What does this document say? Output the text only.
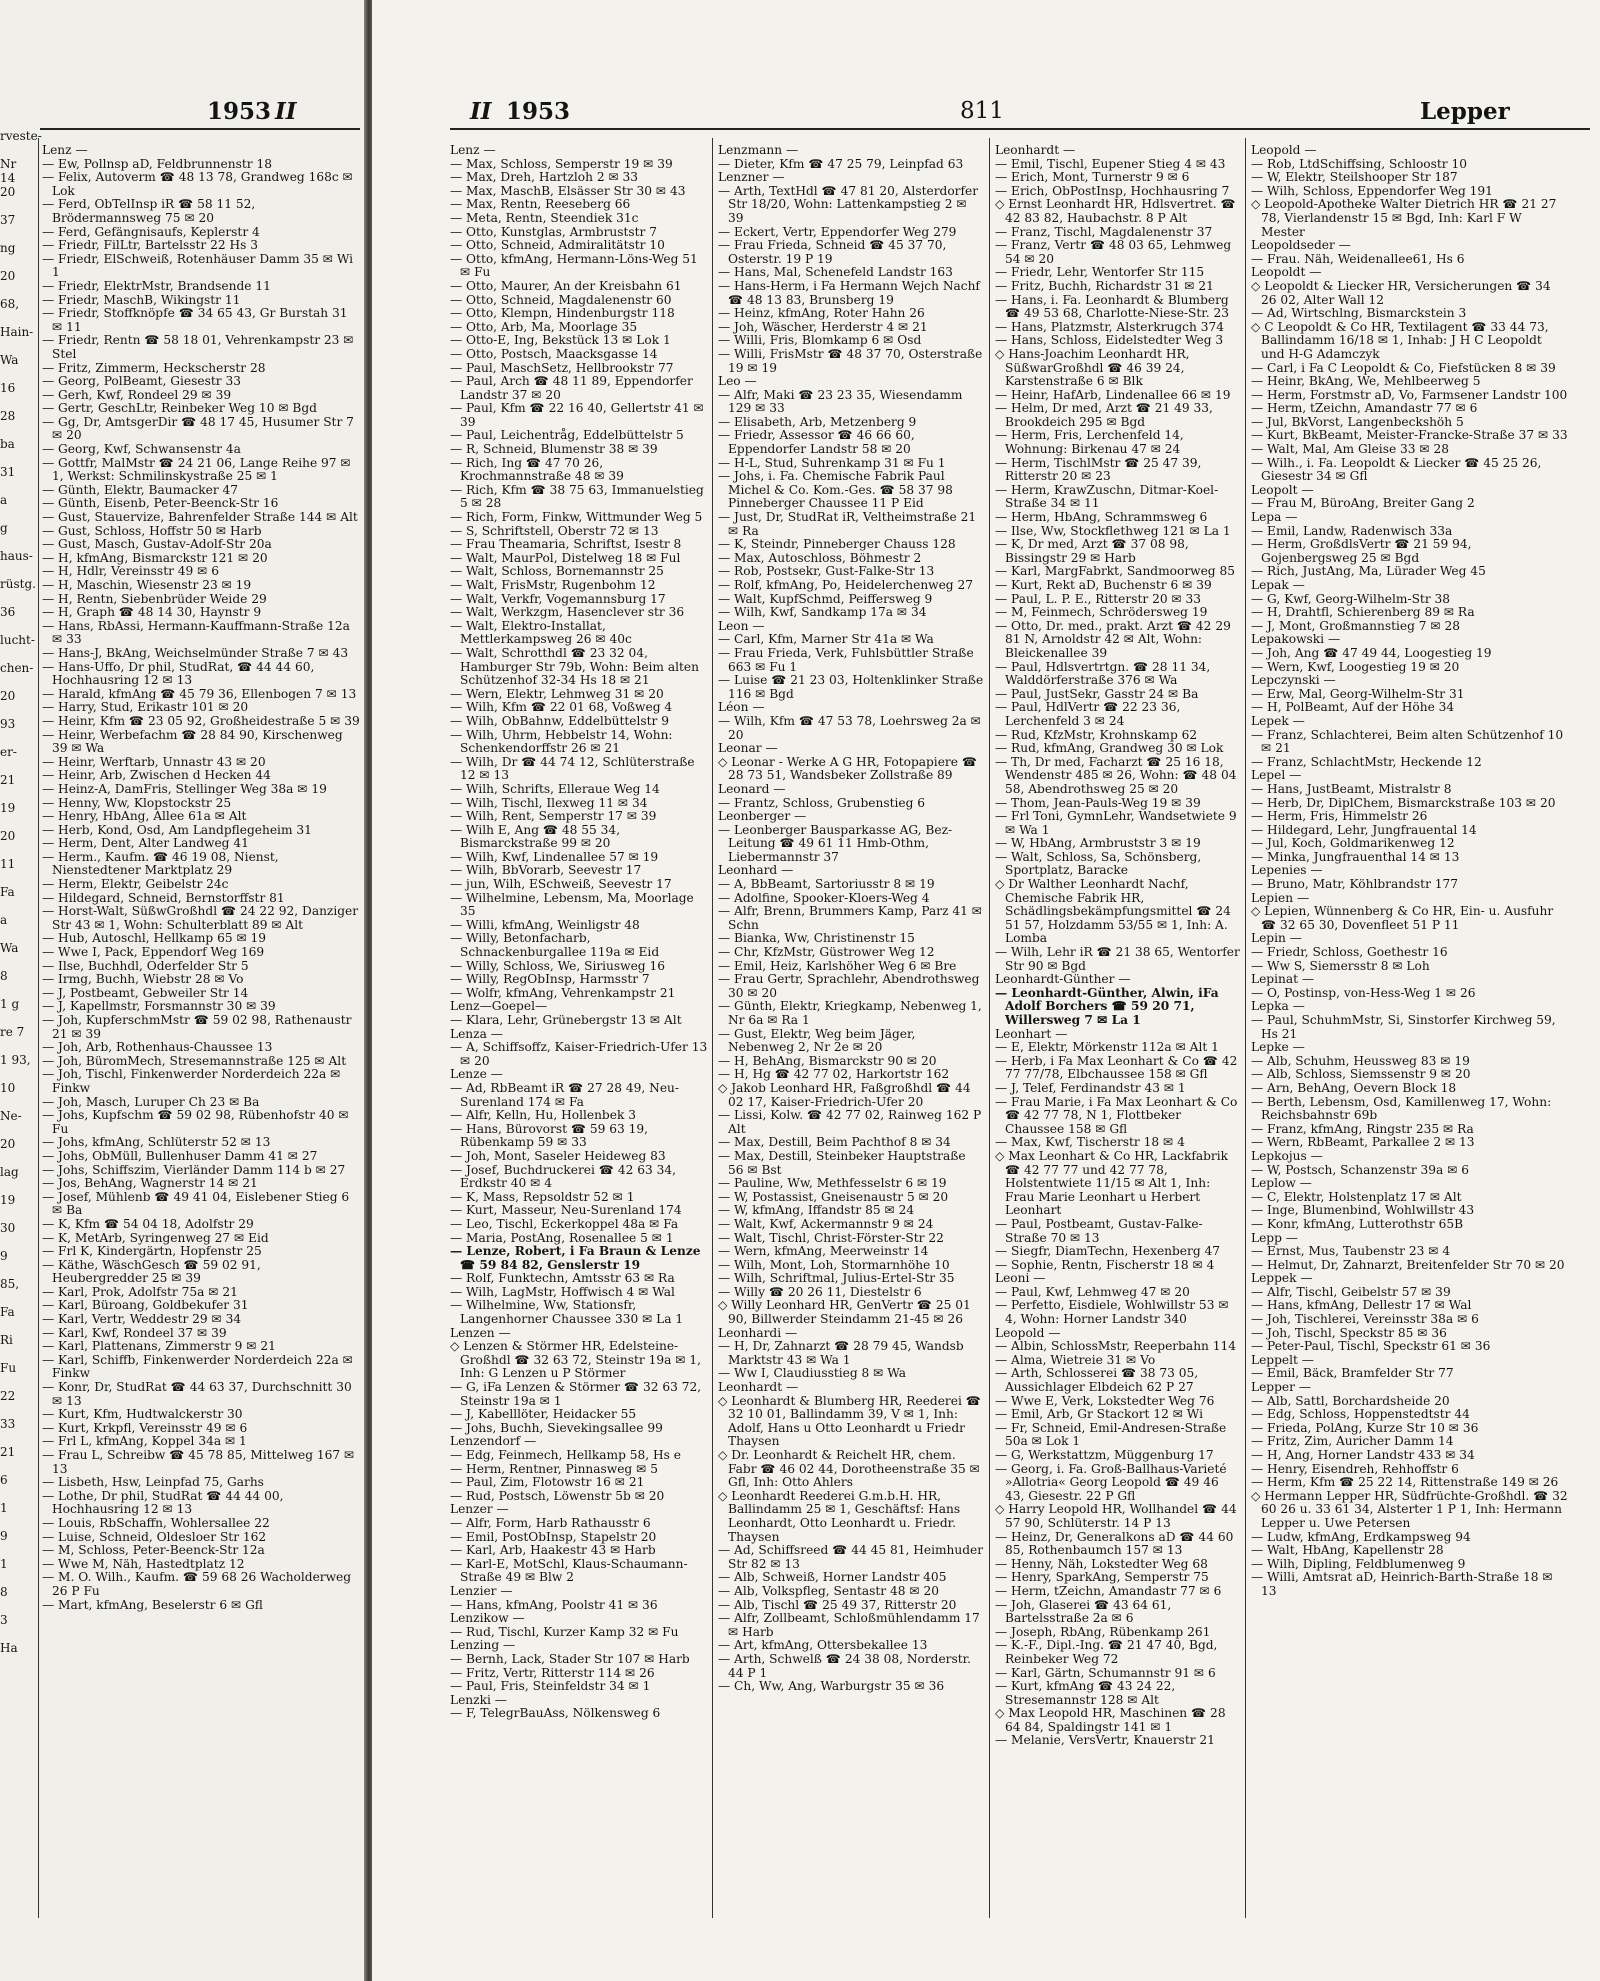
rveste-
Nr 14
20
37
ng
20
68,
Hain-
Wa
16
28
ba
31
a
g
haus-
rüstg.
36
lucht-
chen-
20
93
er-
21
19
20
11
Fa
a
Wa
8
1 g
re 7
1 93,
10
Ne-
20
lag
19
30
9
85,
Fa
Ri
Fu
22
33
21
6
1
9
1
8
3
Ha
1953 II
Lenz —
— Ew, Pollnsp aD, Feldbrunnenstr 18
— Felix, Autoverm ☎ 48 13 78, Grandweg 168c ✉ Lok
— Ferd, ObTelInsp iR ☎ 58 11 52, Brödermannsweg 75 ✉ 20
— Ferd, Gefängnisaufs, Keplerstr 4
— Friedr, FilLtr, Bartelsstr 22 Hs 3
— Friedr, ElSchweiß, Rotenhäuser Damm 35 ✉ Wi 1
— Friedr, ElektrMstr, Brandsende 11
— Friedr, MaschB, Wikingstr 11
— Friedr, Stoffknöpfe ☎ 34 65 43, Gr Burstah 31 ✉ 11
— Friedr, Rentn ☎ 58 18 01, Vehrenkampstr 23 ✉ Stel
— Fritz, Zimmerm, Heckscherstr 28
— Georg, PolBeamt, Giesestr 33
— Gerh, Kwf, Rondeel 29 ✉ 39
— Gertr, GeschLtr, Reinbeker Weg 10 ✉ Bgd
— Gg, Dr, AmtsgerDir ☎ 48 17 45, Husumer Str 7 ✉ 20
— Georg, Kwf, Schwansenstr 4a
— Gottfr, MalMstr ☎ 24 21 06, Lange Reihe 97 ✉ 1, Werkst: Schmilinskystraße 25 ✉ 1
— Günth, Elektr, Baumacker 47
— Günth, Eisenb, Peter-Beenck-Str 16
— Gust, Stauervize, Bahrenfelder Straße 144 ✉ Alt
— Gust, Schloss, Hoffstr 50 ✉ Harb
— Gust, Masch, Gustav-Adolf-Str 20a
— H, kfmAng, Bismarckstr 121 ✉ 20
— H, Hdlr, Vereinsstr 49 ✉ 6
— H, Maschin, Wiesenstr 23 ✉ 19
— H, Rentn, Siebenbrüder Weide 29
— H, Graph ☎ 48 14 30, Haynstr 9
— Hans, RbAssi, Hermann-Kauffmann-Straße 12a ✉ 33
— Hans-J, BkAng, Weichselmünder Straße 7 ✉ 43
— Hans-Uffo, Dr phil, StudRat, ☎ 44 44 60, Hochhausring 12 ✉ 13
— Harald, kfmAng ☎ 45 79 36, Ellenbogen 7 ✉ 13
— Harry, Stud, Erikastr 101 ✉ 20
— Heinr, Kfm ☎ 23 05 92, Großheidestraße 5 ✉ 39
— Heinr, Werbefachm ☎ 28 84 90, Kirschenweg 39 ✉ Wa
— Heinr, Werftarb, Unnastr 43 ✉ 20
— Heinr, Arb, Zwischen d Hecken 44
— Heinz-A, DamFris, Stellinger Weg 38a ✉ 19
— Henny, Ww, Klopstockstr 25
— Henry, HbAng, Allee 61a ✉ Alt
— Herb, Kond, Osd, Am Landpflegeheim 31
— Herm, Dent, Alter Landweg 41
— Herm., Kaufm. ☎ 46 19 08, Nienst, Nienstedtener Marktplatz 29
— Herm, Elektr, Geibelstr 24c
— Hildegard, Schneid, Bernstorffstr 81
— Horst-Walt, SüßwGroßhdl ☎ 24 22 92, Danziger Str 43 ✉ 1, Wohn: Schulterblatt 89 ✉ Alt
— Hub, Autoschl, Hellkamp 65 ✉ 19
— Wwe I, Pack, Eppendorf Weg 169
— Ilse, Buchhdl, Oderfelder Str 5
— Irmg, Buchh, Wiebstr 28 ✉ Vo
— J, Postbeamt, Gebweiler Str 14
— J, Kapellmstr, Forsmannstr 30 ✉ 39
— Joh, KupferschmMstr ☎ 59 02 98, Rathenaustr 21 ✉ 39
— Joh, Arb, Rothenhaus-Chaussee 13
— Joh, BüromMech, Stresemannstraße 125 ✉ Alt
— Joh, Tischl, Finkenwerder Norderdeich 22a ✉ Finkw
— Joh, Masch, Luruper Ch 23 ✉ Ba
— Johs, Kupfschm ☎ 59 02 98, Rübenhofstr 40 ✉ Fu
— Johs, kfmAng, Schlüterstr 52 ✉ 13
— Johs, ObMüll, Bullenhuser Damm 41 ✉ 27
— Johs, Schiffszim, Vierländer Damm 114 b ✉ 27
— Jos, BehAng, Wagnerstr 14 ✉ 21
— Josef, Mühlenb ☎ 49 41 04, Eislebener Stieg 6 ✉ Ba
— K, Kfm ☎ 54 04 18, Adolfstr 29
— K, MetArb, Syringenweg 27 ✉ Eid
— Frl K, Kindergärtn, Hopfenstr 25
— Käthe, WäschGesch ☎ 59 02 91, Heubergredder 25 ✉ 39
— Karl, Prok, Adolfstr 75a ✉ 21
— Karl, Büroang, Goldbekufer 31
— Karl, Vertr, Weddestr 29 ✉ 34
— Karl, Kwf, Rondeel 37 ✉ 39
— Karl, Plattenans, Zimmerstr 9 ✉ 21
— Karl, Schiffb, Finkenwerder Norderdeich 22a ✉ Finkw
— Konr, Dr, StudRat ☎ 44 63 37, Durchschnitt 30 ✉ 13
— Kurt, Kfm, Hudtwalckerstr 30
— Kurt, Krkpfl, Vereinsstr 49 ✉ 6
— Frl L, kfmAng, Koppel 34a ✉ 1
— Frau L, Schreibw ☎ 45 78 85, Mittelweg 167 ✉ 13
— Lisbeth, Hsw, Leinpfad 75, Garhs
— Lothe, Dr phil, StudRat ☎ 44 44 00, Hochhausring 12 ✉ 13
— Louis, RbSchaffn, Wohlersallee 22
— Luise, Schneid, Oldesloer Str 162
— M, Schloss, Peter-Beenck-Str 12a
— Wwe M, Näh, Hastedtplatz 12
— M. O. Wilh., Kaufm. ☎ 59 68 26 Wacholderweg 26 P Fu
— Mart, kfmAng, Beselerstr 6 ✉ Gfl
II 1953	811	Lepper
Lenz —
— Max, Schloss, Semperstr 19 ✉ 39
— Max, Dreh, Hartzloh 2 ✉ 33
— Max, MaschB, Elsässer Str 30 ✉ 43
— Max, Rentn, Reeseberg 66
— Meta, Rentn, Steendiek 31c
— Otto, Kunstglas, Armbruststr 7
— Otto, Schneid, Admiralitätstr 10
— Otto, kfmAng, Hermann-Löns-Weg 51 ✉ Fu
— Otto, Maurer, An der Kreisbahn 61
— Otto, Schneid, Magdalenenstr 60
— Otto, Klempn, Hindenburgstr 118
— Otto, Arb, Ma, Moorlage 35
— Otto-E, Ing, Bekstück 13 ✉ Lok 1
— Otto, Postsch, Maacksgasse 14
— Paul, MaschSetz, Hellbrookstr 77
— Paul, Arch ☎ 48 11 89, Eppendorfer Landstr 37 ✉ 20
— Paul, Kfm ☎ 22 16 40, Gellertstr 41 ✉ 39
— Paul, Leichentråg, Eddelbüttelstr 5
— R, Schneid, Blumenstr 38 ✉ 39
— Rich, Ing ☎ 47 70 26, Krochmannstraße 48 ✉ 39
— Rich, Kfm ☎ 38 75 63, Immanuelstieg 5 ✉ 28
— Rich, Form, Finkw, Wittmunder Weg 5
— S, Schriftstell, Oberstr 72 ✉ 13
— Frau Theamaria, Schriftst, Isestr 8
— Walt, MaurPol, Distelweg 18 ✉ Ful
— Walt, Schloss, Bornemannstr 25
— Walt, FrisMstr, Rugenbohm 12
— Walt, Verkfr, Vogemannsburg 17
— Walt, Werkzgm, Hasenclever str 36
— Walt, Elektro-Installat, Mettlerkampsweg 26 ✉ 40c
— Walt, Schrotthdl ☎ 23 32 04, Hamburger Str 79b, Wohn: Beim alten Schützenhof 32-34 Hs 18 ✉ 21
— Wern, Elektr, Lehmweg 31 ✉ 20
— Wilh, Kfm ☎ 22 01 68, Voßweg 4
— Wilh, ObBahnw, Eddelbüttelstr 9
— Wilh, Uhrm, Hebbelstr 14, Wohn: Schenkendorffstr 26 ✉ 21
— Wilh, Dr ☎ 44 74 12, Schlüterstraße 12 ✉ 13
— Wilh, Schrifts, Elleraue Weg 14
— Wilh, Tischl, Ilexweg 11 ✉ 34
— Wilh, Rent, Semperstr 17 ✉ 39
— Wilh E, Ang ☎ 48 55 34, Bismarckstraße 99 ✉ 20
— Wilh, Kwf, Lindenallee 57 ✉ 19
— Wilh, BbVorarb, Seevestr 17
— jun, Wilh, ESchweiß, Seevestr 17
— Wilhelmine, Lebensm, Ma, Moorlage 35
— Willi, kfmAng, Weinligstr 48
— Willy, Betonfacharb, Schnackenburgallee 119a ✉ Eid
— Willy, Schloss, We, Siriusweg 16
— Willy, RegObInsp, Harmsstr 7
— Wolfr, kfmAng, Vehrenkampstr 21
Lenz—Goepel—
— Klara, Lehr, Grünebergstr 13 ✉ Alt
Lenza —
— A, Schiffsoffz, Kaiser-Friedrich-Ufer 13 ✉ 20
Lenze —
— Ad, RbBeamt iR ☎ 27 28 49, Neu-Surenland 174 ✉ Fa
— Alfr, Kelln, Hu, Hollenbek 3
— Hans, Bürovorst ☎ 59 63 19, Rübenkamp 59 ✉ 33
— Joh, Mont, Saseler Heideweg 83
— Josef, Buchdruckerei ☎ 42 63 34, Erdkstr 40 ✉ 4
— K, Mass, Repsoldstr 52 ✉ 1
— Kurt, Masseur, Neu-Surenland 174
— Leo, Tischl, Eckerkoppel 48a ✉ Fa
— Maria, PostAng, Rosenallee 5 ✉ 1
— Lenze, Robert, i Fa Braun & Lenze ☎ 59 84 82, Genslerstr 19
— Rolf, Funktechn, Amtsstr 63 ✉ Ra
— Wilh, LagMstr, Hoffwisch 4 ✉ Wal
— Wilhelmine, Ww, Stationsfr, Langenhorner Chaussee 330 ✉ La 1
Lenzen —
◇ Lenzen & Störmer HR, Edelsteine-Großhdl ☎ 32 63 72, Steinstr 19a ✉ 1, Inh: G Lenzen u P Störmer
— G, iFa Lenzen & Störmer ☎ 32 63 72, Steinstr 19a ✉ 1
— J, Kabelllöter, Heidacker 55
— Johs, Buchh, Sievekingsallee 99
Lenzendorf —
— Edg, Feinmech, Hellkamp 58, Hs e
— Herm, Rentner, Pinnasweg ✉ 5
— Paul, Zim, Flotowstr 16 ✉ 21
— Rud, Postsch, Löwenstr 5b ✉ 20
Lenzer —
— Alfr, Form, Harb Rathausstr 6
— Emil, PostObInsp, Stapelstr 20
— Karl, Arb, Haakestr 43 ✉ Harb
— Karl-E, MotSchl, Klaus-Schaumann-Straße 49 ✉ Blw 2
Lenzier —
— Hans, kfmAng, Poolstr 41 ✉ 36
Lenzikow —
— Rud, Tischl, Kurzer Kamp 32 ✉ Fu
Lenzing —
— Bernh, Lack, Stader Str 107 ✉ Harb
— Fritz, Vertr, Ritterstr 114 ✉ 26
— Paul, Fris, Steinfeldstr 34 ✉ 1
Lenzki —
— F, TelegrBauAss, Nölkensweg 6
Lenzmann —
— Dieter, Kfm ☎ 47 25 79, Leinpfad 63
Lenzner —
— Arth, TextHdl ☎ 47 81 20, Alsterdorfer Str 18/20, Wohn: Lattenkampstieg 2 ✉ 39
— Eckert, Vertr, Eppendorfer Weg 279
— Frau Frieda, Schneid ☎ 45 37 70, Osterstr. 19 P 19
— Hans, Mal, Schenefeld Landstr 163
— Hans-Herm, i Fa Hermann Wejch Nachf ☎ 48 13 83, Brunsberg 19
— Heinz, kfmAng, Roter Hahn 26
— Joh, Wäscher, Herderstr 4 ✉ 21
— Willi, Fris, Blomkamp 6 ✉ Osd
— Willi, FrisMstr ☎ 48 37 70, Osterstraße 19 ✉ 19
Leo —
— Alfr, Maki ☎ 23 23 35, Wiesendamm 129 ✉ 33
— Elisabeth, Arb, Metzenberg 9
— Friedr, Assessor ☎ 46 66 60, Eppendorfer Landstr 58 ✉ 20
— H-L, Stud, Suhrenkamp 31 ✉ Fu 1
— Johs, i. Fa. Chemische Fabrik Paul Michel & Co. Kom.-Ges. ☎ 58 37 98 Pinneberger Chaussee 11 P Eid
— Just, Dr, StudRat iR, Veltheimstraße 21 ✉ Ra
— K, Steindr, Pinneberger Chauss 128
— Max, Autoschloss, Böhmestr 2
— Rob, Postsekr, Gust-Falke-Str 13
— Rolf, kfmAng, Po, Heidelerchenweg 27
— Walt, KupfSchmd, Peiffersweg 9
— Wilh, Kwf, Sandkamp 17a ✉ 34
Leon —
— Carl, Kfm, Marner Str 41a ✉ Wa
— Frau Frieda, Verk, Fuhlsbüttler Straße 663 ✉ Fu 1
— Luise ☎ 21 23 03, Holtenklinker Straße 116 ✉ Bgd
Léon —
— Wilh, Kfm ☎ 47 53 78, Loehrsweg 2a ✉ 20
Leonar —
◇ Leonar - Werke A G HR, Fotopapiere ☎ 28 73 51, Wandsbeker Zollstraße 89
Leonard —
— Frantz, Schloss, Grubenstieg 6
Leonberger —
— Leonberger Bausparkasse AG, Bez-Leitung ☎ 49 61 11 Hmb-Othm, Liebermannstr 37
Leonhard —
— A, BbBeamt, Sartoriusstr 8 ✉ 19
— Adolfine, Spooker-Kloers-Weg 4
— Alfr, Brenn, Brummers Kamp, Parz 41 ✉ Schn
— Bianka, Ww, Christinenstr 15
— Chr, KfzMstr, Güstrower Weg 12
— Emil, Heiz, Karlshöher Weg 6 ✉ Bre
— Frau Gertr, Sprachlehr, Abendrothsweg 30 ✉ 20
— Günth, Elektr, Kriegkamp, Nebenweg 1, Nr 6a ✉ Ra 1
— Gust, Elektr, Weg beim Jäger, Nebenweg 2, Nr 2e ✉ 20
— H, BehAng, Bismarckstr 90 ✉ 20
— H, Hg ☎ 42 77 02, Harkortstr 162
◇ Jakob Leonhard HR, Faßgroßhdl ☎ 44 02 17, Kaiser-Friedrich-Ufer 20
— Lissi, Kolw. ☎ 42 77 02, Rainweg 162 P Alt
— Max, Destill, Beim Pachthof 8 ✉ 34
— Max, Destill, Steinbeker Hauptstraße 56 ✉ Bst
— Pauline, Ww, Methfesselstr 6 ✉ 19
— W, Postassist, Gneisenaustr 5 ✉ 20
— W, kfmAng, Iffandstr 85 ✉ 24
— Walt, Kwf, Ackermannstr 9 ✉ 24
— Walt, Tischl, Christ-Förster-Str 22
— Wern, kfmAng, Meerweinstr 14
— Wilh, Mont, Loh, Stormarnhöhe 10
— Wilh, Schriftmal, Julius-Ertel-Str 35
— Willy ☎ 20 26 11, Diestelstr 6
◇ Willy Leonhard HR, GenVertr ☎ 25 01 90, Billwerder Steindamm 21-45 ✉ 26
Leonhardi —
— H, Dr, Zahnarzt ☎ 28 79 45, Wandsb Marktstr 43 ✉ Wa 1
— Ww I, Claudiusstieg 8 ✉ Wa
Leonhardt —
◇ Leonhardt & Blumberg HR, Reederei ☎ 32 10 01, Ballindamm 39, V ✉ 1, Inh: Adolf, Hans u Otto Leonhardt u Friedr Thaysen
◇ Dr. Leonhardt & Reichelt HR, chem. Fabr ☎ 46 02 44, Dorotheenstraße 35 ✉ Gfl, Inh: Otto Ahlers
◇ Leonhardt Reederei G.m.b.H. HR, Ballindamm 25 ✉ 1, Geschäftsf: Hans Leonhardt, Otto Leonhardt u. Friedr. Thaysen
— Ad, Schiffsreed ☎ 44 45 81, Heimhuder Str 82 ✉ 13
— Alb, Schweiß, Horner Landstr 405
— Alb, Volkspfleg, Sentastr 48 ✉ 20
— Alb, Tischl ☎ 25 49 37, Ritterstr 20
— Alfr, Zollbeamt, Schloßmühlendamm 17 ✉ Harb
— Art, kfmAng, Ottersbekallee 13
— Arth, Schwelß ☎ 24 38 08, Norderstr. 44 P 1
— Ch, Ww, Ang, Warburgstr 35 ✉ 36
Leonhardt —
— Emil, Tischl, Eupener Stieg 4 ✉ 43
— Erich, Mont, Turnerstr 9 ✉ 6
— Erich, ObPostInsp, Hochhausring 7
◇ Ernst Leonhardt HR, Hdlsvertret. ☎ 42 83 82, Haubachstr. 8 P Alt
— Franz, Tischl, Magdalenenstr 37
— Franz, Vertr ☎ 48 03 65, Lehmweg 54 ✉ 20
— Friedr, Lehr, Wentorfer Str 115
— Fritz, Buchh, Richardstr 31 ✉ 21
— Hans, i. Fa. Leonhardt & Blumberg ☎ 49 53 68, Charlotte-Niese-Str. 23
— Hans, Platzmstr, Alsterkrugch 374
— Hans, Schloss, Eidelstedter Weg 3
◇ Hans-Joachim Leonhardt HR, SüßwarGroßhdl ☎ 46 39 24, Karstenstraße 6 ✉ Blk
— Heinr, HafArb, Lindenallee 66 ✉ 19
— Helm, Dr med, Arzt ☎ 21 49 33, Brookdeich 295 ✉ Bgd
— Herm, Fris, Lerchenfeld 14, Wohnung: Birkenau 47 ✉ 24
— Herm, TischlMstr ☎ 25 47 39, Ritterstr 20 ✉ 23
— Herm, KrawZuschn, Ditmar-Koel-Straße 34 ✉ 11
— Herm, HbAng, Schrammsweg 6
— Ilse, Ww, Stockflethweg 121 ✉ La 1
— K, Dr med, Arzt ☎ 37 08 98, Bissingstr 29 ✉ Harb
— Karl, MargFabrkt, Sandmoorweg 85
— Kurt, Rekt aD, Buchenstr 6 ✉ 39
— Paul, L. P. E., Ritterstr 20 ✉ 33
— M, Feinmech, Schrödersweg 19
— Otto, Dr. med., prakt. Arzt ☎ 42 29 81 N, Arnoldstr 42 ✉ Alt, Wohn: Bleickenallee 39
— Paul, Hdlsvertrtgn. ☎ 28 11 34, Walddörferstraße 376 ✉ Wa
— Paul, JustSekr, Gasstr 24 ✉ Ba
— Paul, HdlVertr ☎ 22 23 36, Lerchenfeld 3 ✉ 24
— Rud, KfzMstr, Krohnskamp 62
— Rud, kfmAng, Grandweg 30 ✉ Lok
— Th, Dr med, Facharzt ☎ 25 16 18, Wendenstr 485 ✉ 26, Wohn: ☎ 48 04 58, Abendrothsweg 25 ✉ 20
— Thom, Jean-Pauls-Weg 19 ✉ 39
— Frl Toni, GymnLehr, Wandsetwiete 9 ✉ Wa 1
— W, HbAng, Armbruststr 3 ✉ 19
— Walt, Schloss, Sa, Schönsberg, Sportplatz, Baracke
◇ Dr Walther Leonhardt Nachf, Chemische Fabrik HR, Schädlingsbekämpfungsmittel ☎ 24 51 57, Holzdamm 53/55 ✉ 1, Inh: A. Lomba
— Wilh, Lehr iR ☎ 21 38 65, Wentorfer Str 90 ✉ Bgd
Leonhardt-Günther —
— Leonhardt-Günther, Alwin, iFa Adolf Borchers ☎ 59 20 71, Willersweg 7 ✉ La 1
Leonhart —
— E, Elektr, Mörkenstr 112a ✉ Alt 1
— Herb, i Fa Max Leonhart & Co ☎ 42 77 77/78, Elbchaussee 158 ✉ Gfl
— J, Telef, Ferdinandstr 43 ✉ 1
— Frau Marie, i Fa Max Leonhart & Co ☎ 42 77 78, N 1, Flottbeker Chaussee 158 ✉ Gfl
— Max, Kwf, Tischerstr 18 ✉ 4
◇ Max Leonhart & Co HR, Lackfabrik ☎ 42 77 77 und 42 77 78, Holstentwiete 11/15 ✉ Alt 1, Inh: Frau Marie Leonhart u Herbert Leonhart
— Paul, Postbeamt, Gustav-Falke-Straße 70 ✉ 13
— Siegfr, DiamTechn, Hexenberg 47
— Sophie, Rentn, Fischerstr 18 ✉ 4
Leoni —
— Paul, Kwf, Lehmweg 47 ✉ 20
— Perfetto, Eisdiele, Wohlwillstr 53 ✉ 4, Wohn: Horner Landstr 340
Leopold —
— Albin, SchlossMstr, Reeperbahn 114
— Alma, Wietreie 31 ✉ Vo
— Arth, Schlosserei ☎ 38 73 05, Aussichlager Elbdeich 62 P 27
— Wwe E, Verk, Lokstedter Weg 76
— Emil, Arb, Gr Stackort 12 ✉ Wi
— Fr, Schneid, Emil-Andresen-Straße 50a ✉ Lok 1
— G, Werkstattzm, Müggenburg 17
— Georg, i. Fa. Groß-Ballhaus-Varieté »Allotria« Georg Leopold ☎ 49 46 43, Giesestr. 22 P Gfl
◇ Harry Leopold HR, Wollhandel ☎ 44 57 90, Schlüterstr. 14 P 13
— Heinz, Dr, Generalkons aD ☎ 44 60 85, Rothenbaumch 157 ✉ 13
— Henny, Näh, Lokstedter Weg 68
— Henry, SparkAng, Semperstr 75
— Herm, tZeichn, Amandastr 77 ✉ 6
— Joh, Glaserei ☎ 43 64 61, Bartelsstraße 2a ✉ 6
— Joseph, RbAng, Rübenkamp 261
— K.-F., Dipl.-Ing. ☎ 21 47 40, Bgd, Reinbeker Weg 72
— Karl, Gärtn, Schumannstr 91 ✉ 6
— Kurt, kfmAng ☎ 43 24 22, Stresemannstr 128 ✉ Alt
◇ Max Leopold HR, Maschinen ☎ 28 64 84, Spaldingstr 141 ✉ 1
— Melanie, VersVertr, Knauerstr 21
Leopold —
— Rob, LtdSchiffsing, Schloostr 10
— W, Elektr, Steilshooper Str 187
— Wilh, Schloss, Eppendorfer Weg 191
◇ Leopold-Apotheke Walter Dietrich HR ☎ 21 27 78, Vierlandenstr 15 ✉ Bgd, Inh: Karl F W Mester
Leopoldseder —
— Frau. Näh, Weidenallee61, Hs 6
Leopoldt —
◇ Leopoldt & Liecker HR, Versicherungen ☎ 34 26 02, Alter Wall 12
— Ad, Wirtschlng, Bismarckstein 3
◇ C Leopoldt & Co HR, Textilagent ☎ 33 44 73, Ballindamm 16/18 ✉ 1, Inhab: J H C Leopoldt und H-G Adamczyk
— Carl, i Fa C Leopoldt & Co, Fiefstücken 8 ✉ 39
— Heinr, BkAng, We, Mehlbeerweg 5
— Herm, Forstmstr aD, Vo, Farmsener Landstr 100
— Herm, tZeichn, Amandastr 77 ✉ 6
— Jul, BkVorst, Langenbeckshöh 5
— Kurt, BkBeamt, Meister-Francke-Straße 37 ✉ 33
— Walt, Mal, Am Gleise 33 ✉ 28
— Wilh., i. Fa. Leopoldt & Liecker ☎ 45 25 26, Giesestr 34 ✉ Gfl
Leopolt —
— Frau M, BüroAng, Breiter Gang 2
Lepa —
— Emil, Landw, Radenwisch 33a
— Herm, GroßdlsVertr ☎ 21 59 94, Gojenbergsweg 25 ✉ Bgd
— Rich, JustAng, Ma, Lürader Weg 45
Lepak —
— G, Kwf, Georg-Wilhelm-Str 38
— H, Drahtfl, Schierenberg 89 ✉ Ra
— J, Mont, Großmannstieg 7 ✉ 28
Lepakowski —
— Joh, Ang ☎ 47 49 44, Loogestieg 19
— Wern, Kwf, Loogestieg 19 ✉ 20
Lepczynski —
— Erw, Mal, Georg-Wilhelm-Str 31
— H, PolBeamt, Auf der Höhe 34
Lepek —
— Franz, Schlachterei, Beim alten Schützenhof 10 ✉ 21
— Franz, SchlachtMstr, Heckende 12
Lepel —
— Hans, JustBeamt, Mistralstr 8
— Herb, Dr, DiplChem, Bismarckstraße 103 ✉ 20
— Herm, Fris, Himmelstr 26
— Hildegard, Lehr, Jungfrauental 14
— Jul, Koch, Goldmarikenweg 12
— Minka, Jungfrauenthal 14 ✉ 13
Lepenies —
— Bruno, Matr, Köhlbrandstr 177
Lepien —
◇ Lepien, Wünnenberg & Co HR, Ein- u. Ausfuhr ☎ 32 65 30, Dovenfleet 51 P 11
Lepin —
— Friedr, Schloss, Goethestr 16
— Ww S, Siemersstr 8 ✉ Loh
Lepinat —
— O, Postinsp, von-Hess-Weg 1 ✉ 26
Lepka —
— Paul, SchuhmMstr, Si, Sinstorfer Kirchweg 59, Hs 21
Lepke —
— Alb, Schuhm, Heussweg 83 ✉ 19
— Alb, Schloss, Siemssenstr 9 ✉ 20
— Arn, BehAng, Oevern Block 18
— Berth, Lebensm, Osd, Kamillenweg 17, Wohn: Reichsbahnstr 69b
— Franz, kfmAng, Ringstr 235 ✉ Ra
— Wern, RbBeamt, Parkallee 2 ✉ 13
Lepkojus —
— W, Postsch, Schanzenstr 39a ✉ 6
Leplow —
— C, Elektr, Holstenplatz 17 ✉ Alt
— Inge, Blumenbind, Wohlwillstr 43
— Konr, kfmAng, Lutterothstr 65B
Lepp —
— Ernst, Mus, Taubenstr 23 ✉ 4
— Helmut, Dr, Zahnarzt, Breitenfelder Str 70 ✉ 20
Leppek —
— Alfr, Tischl, Geibelstr 57 ✉ 39
— Hans, kfmAng, Dellestr 17 ✉ Wal
— Joh, Tischlerei, Vereinsstr 38a ✉ 6
— Joh, Tischl, Speckstr 85 ✉ 36
— Peter-Paul, Tischl, Speckstr 61 ✉ 36
Leppelt —
— Emil, Bäck, Bramfelder Str 77
Lepper —
— Alb, Sattl, Borchardsheide 20
— Edg, Schloss, Hoppenstedtstr 44
— Frieda, PolAng, Kurze Str 10 ✉ 36
— Fritz, Zim, Auricher Damm 14
— H, Ang, Horner Landstr 433 ✉ 34
— Henry, Eisendreh, Rehhoffstr 6
— Herm, Kfm ☎ 25 22 14, Rittenstraße 149 ✉ 26
◇ Hermann Lepper HR, Südfrüchte-Großhdl. ☎ 32 60 26 u. 33 61 34, Alsterter 1 P 1, Inh: Hermann Lepper u. Uwe Petersen
— Ludw, kfmAng, Erdkampsweg 94
— Walt, HbAng, Kapellenstr 28
— Wilh, Dipling, Feldblumenweg 9
— Willi, Amtsrat aD, Heinrich-Barth-Straße 18 ✉ 13
